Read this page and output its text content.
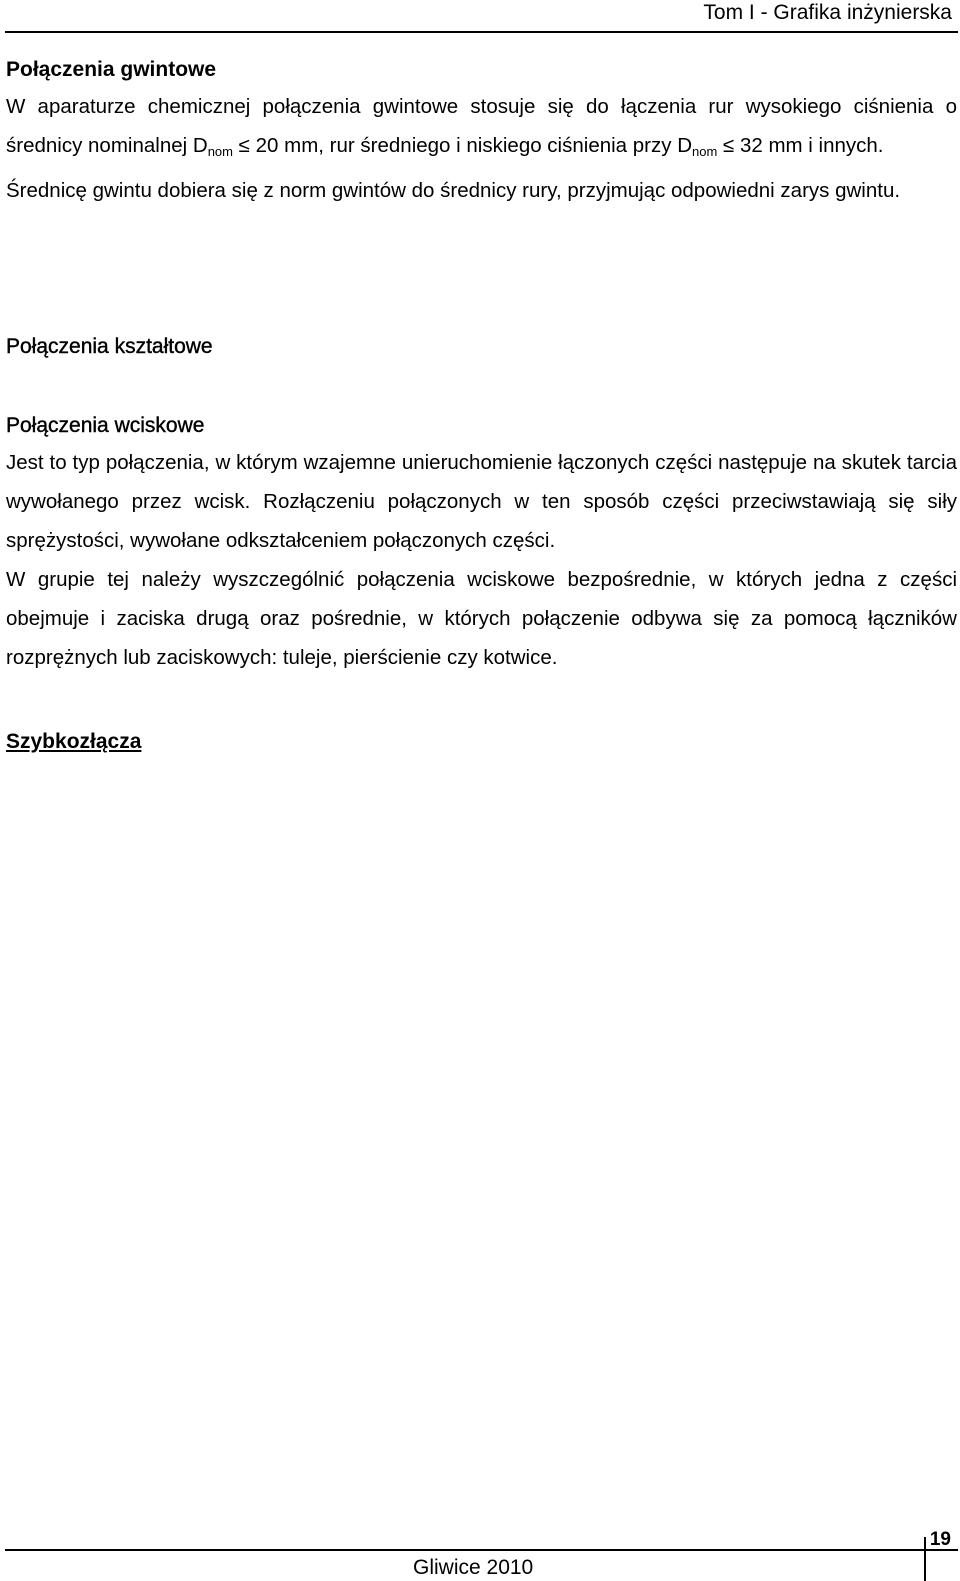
Tom I - Grafika inżynierska
Połączenia gwintowe

W aparaturze chemicznej połączenia gwintowe stosuje się do łączenia rur wysokiego ciśnienia o średnicy nominalnej $D_{nom} \le 20$ mm, rur średniego i niskiego ciśnienia przy $D_{nom} \le 32$ mm i innych.

Średnicę gwintu dobiera się z norm gwintów do średnicy rury, przyjmując odpowiedni zarys gwintu.

Połączenia kształtowe
Połączenia wciskowe

Jest to typ połączenia, w którym wzajemne unieruchomienie łączonych części następuje na skutek tarcia wywołanego przez wcisk. Rozłączeniu połączonych w ten sposób części przeciwstawiają się siły sprężystości, wywołane odkształceniem połączonych części.

W grupie tej należy wyszczególnić połączenia wciskowe bezpośrednie, w których jedna z części obejmuje i zaciska drugą oraz pośrednie, w których połączenie odbywa się za pomocą łączników rozprężnych lub zaciskowych: tuleje, pierścienie czy kotwice.

Szybkozłącza
Gliwice 2010
19
